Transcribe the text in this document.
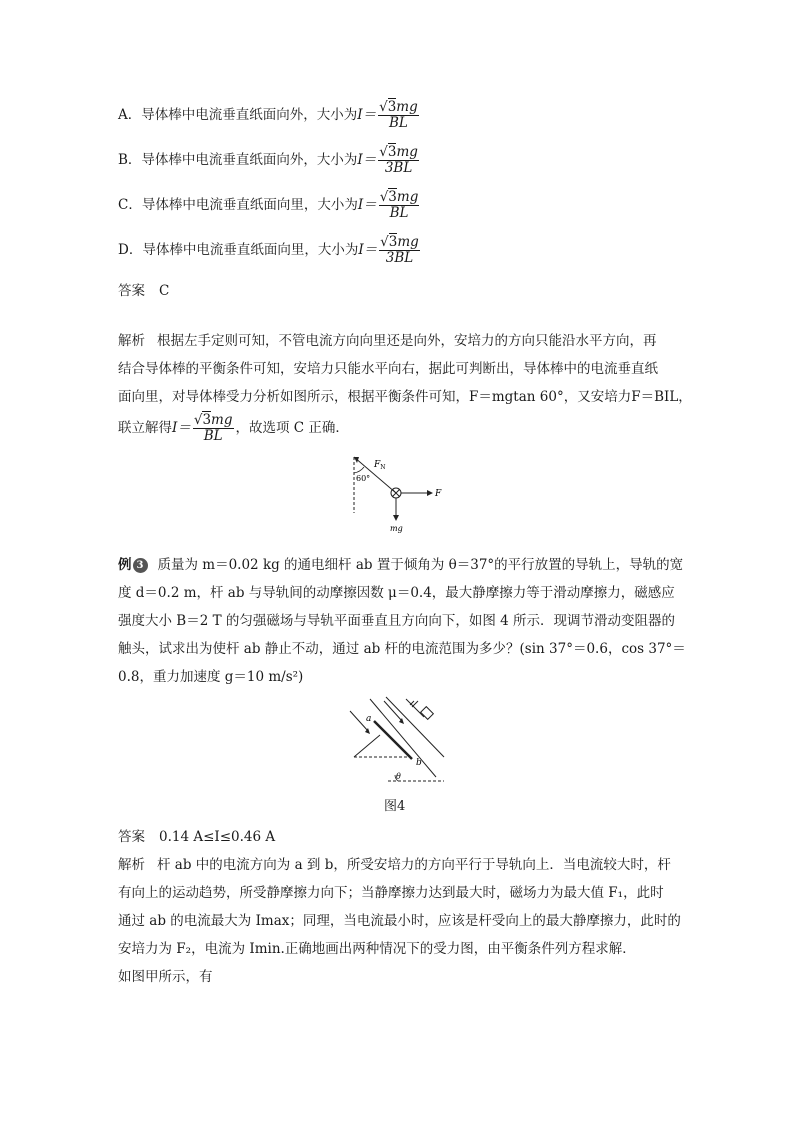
A．导体棒中电流垂直纸面向外，大小为$I= \frac{√3mg}{BL}$
B．导体棒中电流垂直纸面向外，大小为$I= \frac{√3mg}{3BL}$
C．导体棒中电流垂直纸面向里，大小为$I= \frac{√3mg}{BL}$
D．导体棒中电流垂直纸面向里，大小为$I= \frac{√3mg}{3BL}$
答案 C
解析 根据左手定则可知，不管电流方向向里还是向外，安培力的方向只能沿水平方向，再
结合导体棒的平衡条件可知，安培力只能水平向右，据此可判断出，导体棒中的电流垂直纸
面向里，对导体棒受力分析如图所示，根据平衡条件可知，F＝mgtan 60°，又安培力F＝BIL，
联立解得$I= \frac{√3mg}{BL}$ ，故选项 C 正确．
$F_N$
60°
F
mg
例 3 质量为 m＝0.02 kg 的通电细杆 ab 置于倾角为 θ＝37°的平行放置的导轨上，导轨的宽
度 d＝0.2 m，杆 ab 与导轨间的动摩擦因数 μ＝0.4，最大静摩擦力等于滑动摩擦力，磁感应
强度大小 B＝2 T 的匀强磁场与导轨平面垂直且方向向下，如图 4 所示．现调节滑动变阻器的
触头，试求出为使杆 ab 静止不动，通过 ab 杆的电流范围为多少？(sin 37°＝0.6，cos 37°＝
0.8，重力加速度 g＝10 m/s²)
a
b
θ
图4
答案 0.14 A≤I≤0.46 A
解析 杆 ab 中的电流方向为 a 到 b，所受安培力的方向平行于导轨向上．当电流较大时，杆
有向上的运动趋势，所受静摩擦力向下；当静摩擦力达到最大时，磁场力为最大值 F₁，此时
通过 ab 的电流最大为 Imax；同理，当电流最小时，应该是杆受向上的最大静摩擦力，此时的
安培力为 F₂，电流为 Imin.正确地画出两种情况下的受力图，由平衡条件列方程求解．
如图甲所示，有
